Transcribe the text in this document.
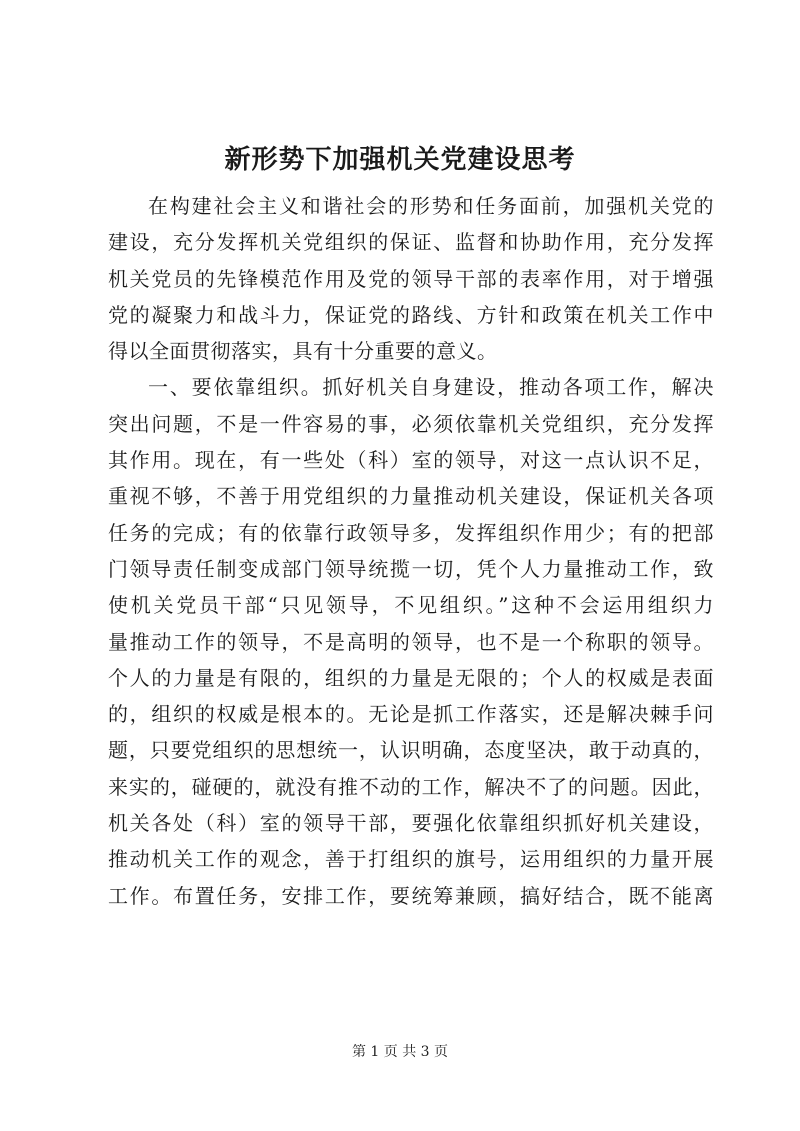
新形势下加强机关党建设思考
在构建社会主义和谐社会的形势和任务面前，加强机关党的
建设，充分发挥机关党组织的保证、监督和协助作用，充分发挥
机关党员的先锋模范作用及党的领导干部的表率作用，对于增强
党的凝聚力和战斗力，保证党的路线、方针和政策在机关工作中
得以全面贯彻落实，具有十分重要的意义。
一、要依靠组织。抓好机关自身建设，推动各项工作，解决
突出问题，不是一件容易的事，必须依靠机关党组织，充分发挥
其作用。现在，有一些处（科）室的领导，对这一点认识不足，
重视不够，不善于用党组织的力量推动机关建设，保证机关各项
任务的完成；有的依靠行政领导多，发挥组织作用少；有的把部
门领导责任制变成部门领导统揽一切，凭个人力量推动工作，致
使机关党员干部“只见领导，不见组织。”这种不会运用组织力
量推动工作的领导，不是高明的领导，也不是一个称职的领导。
个人的力量是有限的，组织的力量是无限的；个人的权威是表面
的，组织的权威是根本的。无论是抓工作落实，还是解决棘手问
题，只要党组织的思想统一，认识明确，态度坚决，敢于动真的，
来实的，碰硬的，就没有推不动的工作，解决不了的问题。因此，
机关各处（科）室的领导干部，要强化依靠组织抓好机关建设，
推动机关工作的观念，善于打组织的旗号，运用组织的力量开展
工作。布置任务，安排工作，要统筹兼顾，搞好结合，既不能离
第 1 页 共 3 页
